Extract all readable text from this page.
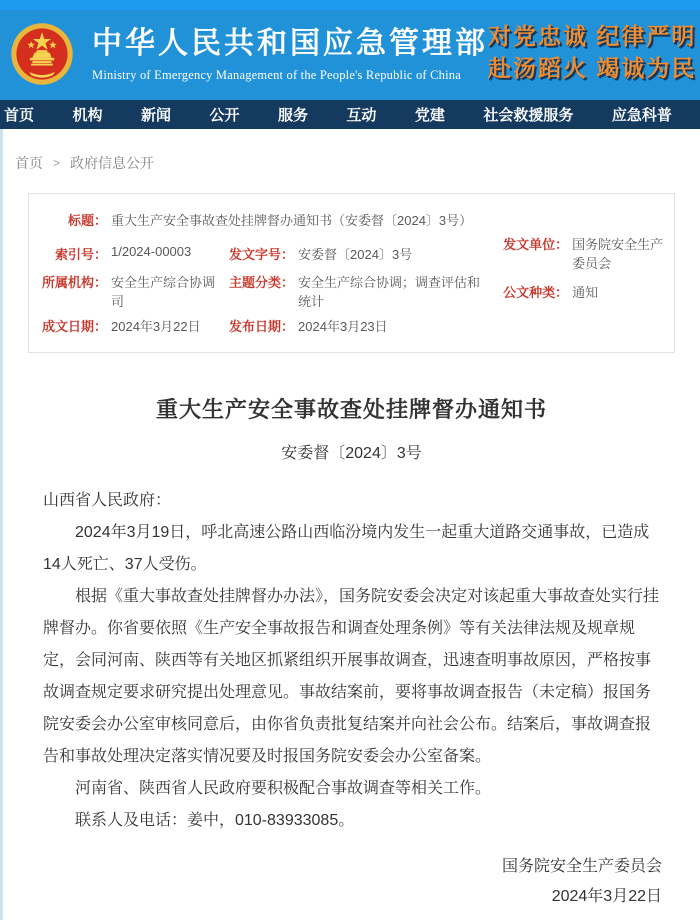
中华人民共和国应急管理部
Ministry of Emergency Management of the People's Republic of China
对党忠诚 纪律严明
赴汤蹈火 竭诚为民
首页	机构	新闻	公开	服务	互动	党建	社会救援服务	应急科普
首页 > 政府信息公开
标题： 重大生产安全事故查处挂牌督办通知书（安委督〔2024〕3号）
索引号： 1/2024-00003	发文字号： 安委督〔2024〕3号
发文单位： 国务院安全生产委员会
所属机构： 安全生产综合协调司
主题分类： 安全生产综合协调；调查评估和统计
公文种类： 通知
成文日期： 2024年3月22日	发布日期： 2024年3月23日
重大生产安全事故查处挂牌督办通知书
安委督〔2024〕3号

山西省人民政府：

2024年3月19日，呼北高速公路山西临汾境内发生一起重大道路交通事故，已造成14人死亡、37人受伤。

根据《重大事故查处挂牌督办办法》，国务院安委会决定对该起重大事故查处实行挂牌督办。你省要依照《生产安全事故报告和调查处理条例》等有关法律法规及规章规定，会同河南、陕西等有关地区抓紧组织开展事故调查，迅速查明事故原因，严格按事故调查规定要求研究提出处理意见。事故结案前，要将事故调查报告（未定稿）报国务院安委会办公室审核同意后，由你省负责批复结案并向社会公布。结案后，事故调查报告和事故处理决定落实情况要及时报国务院安委会办公室备案。

河南省、陕西省人民政府要积极配合事故调查等相关工作。

联系人及电话：姜中，010-83933085。

国务院安全生产委员会
2024年3月22日
